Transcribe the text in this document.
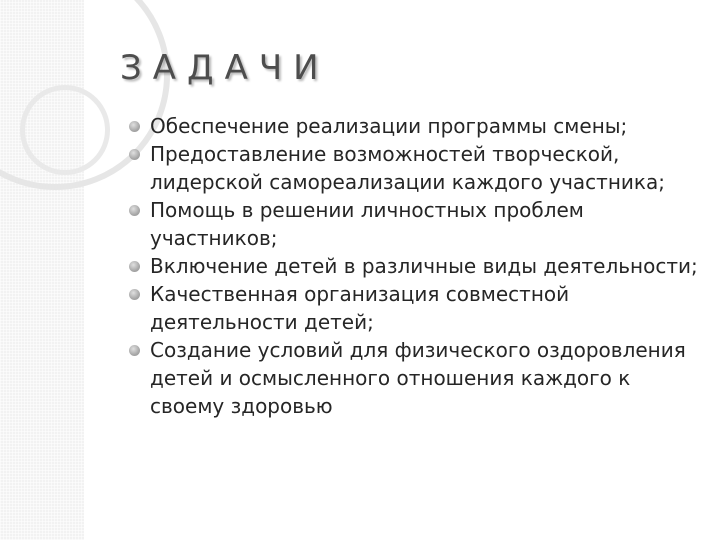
ЗАДАЧИ
Обеспечение реализации программы смены;
Предоставление возможностей творческой, лидерской самореализации каждого участника;
Помощь в решении личностных проблем участников;
Включение детей в различные виды деятельности;
Качественная организация совместной деятельности детей;
Создание условий для физического оздоровления детей и осмысленного отношения каждого к своему здоровью
